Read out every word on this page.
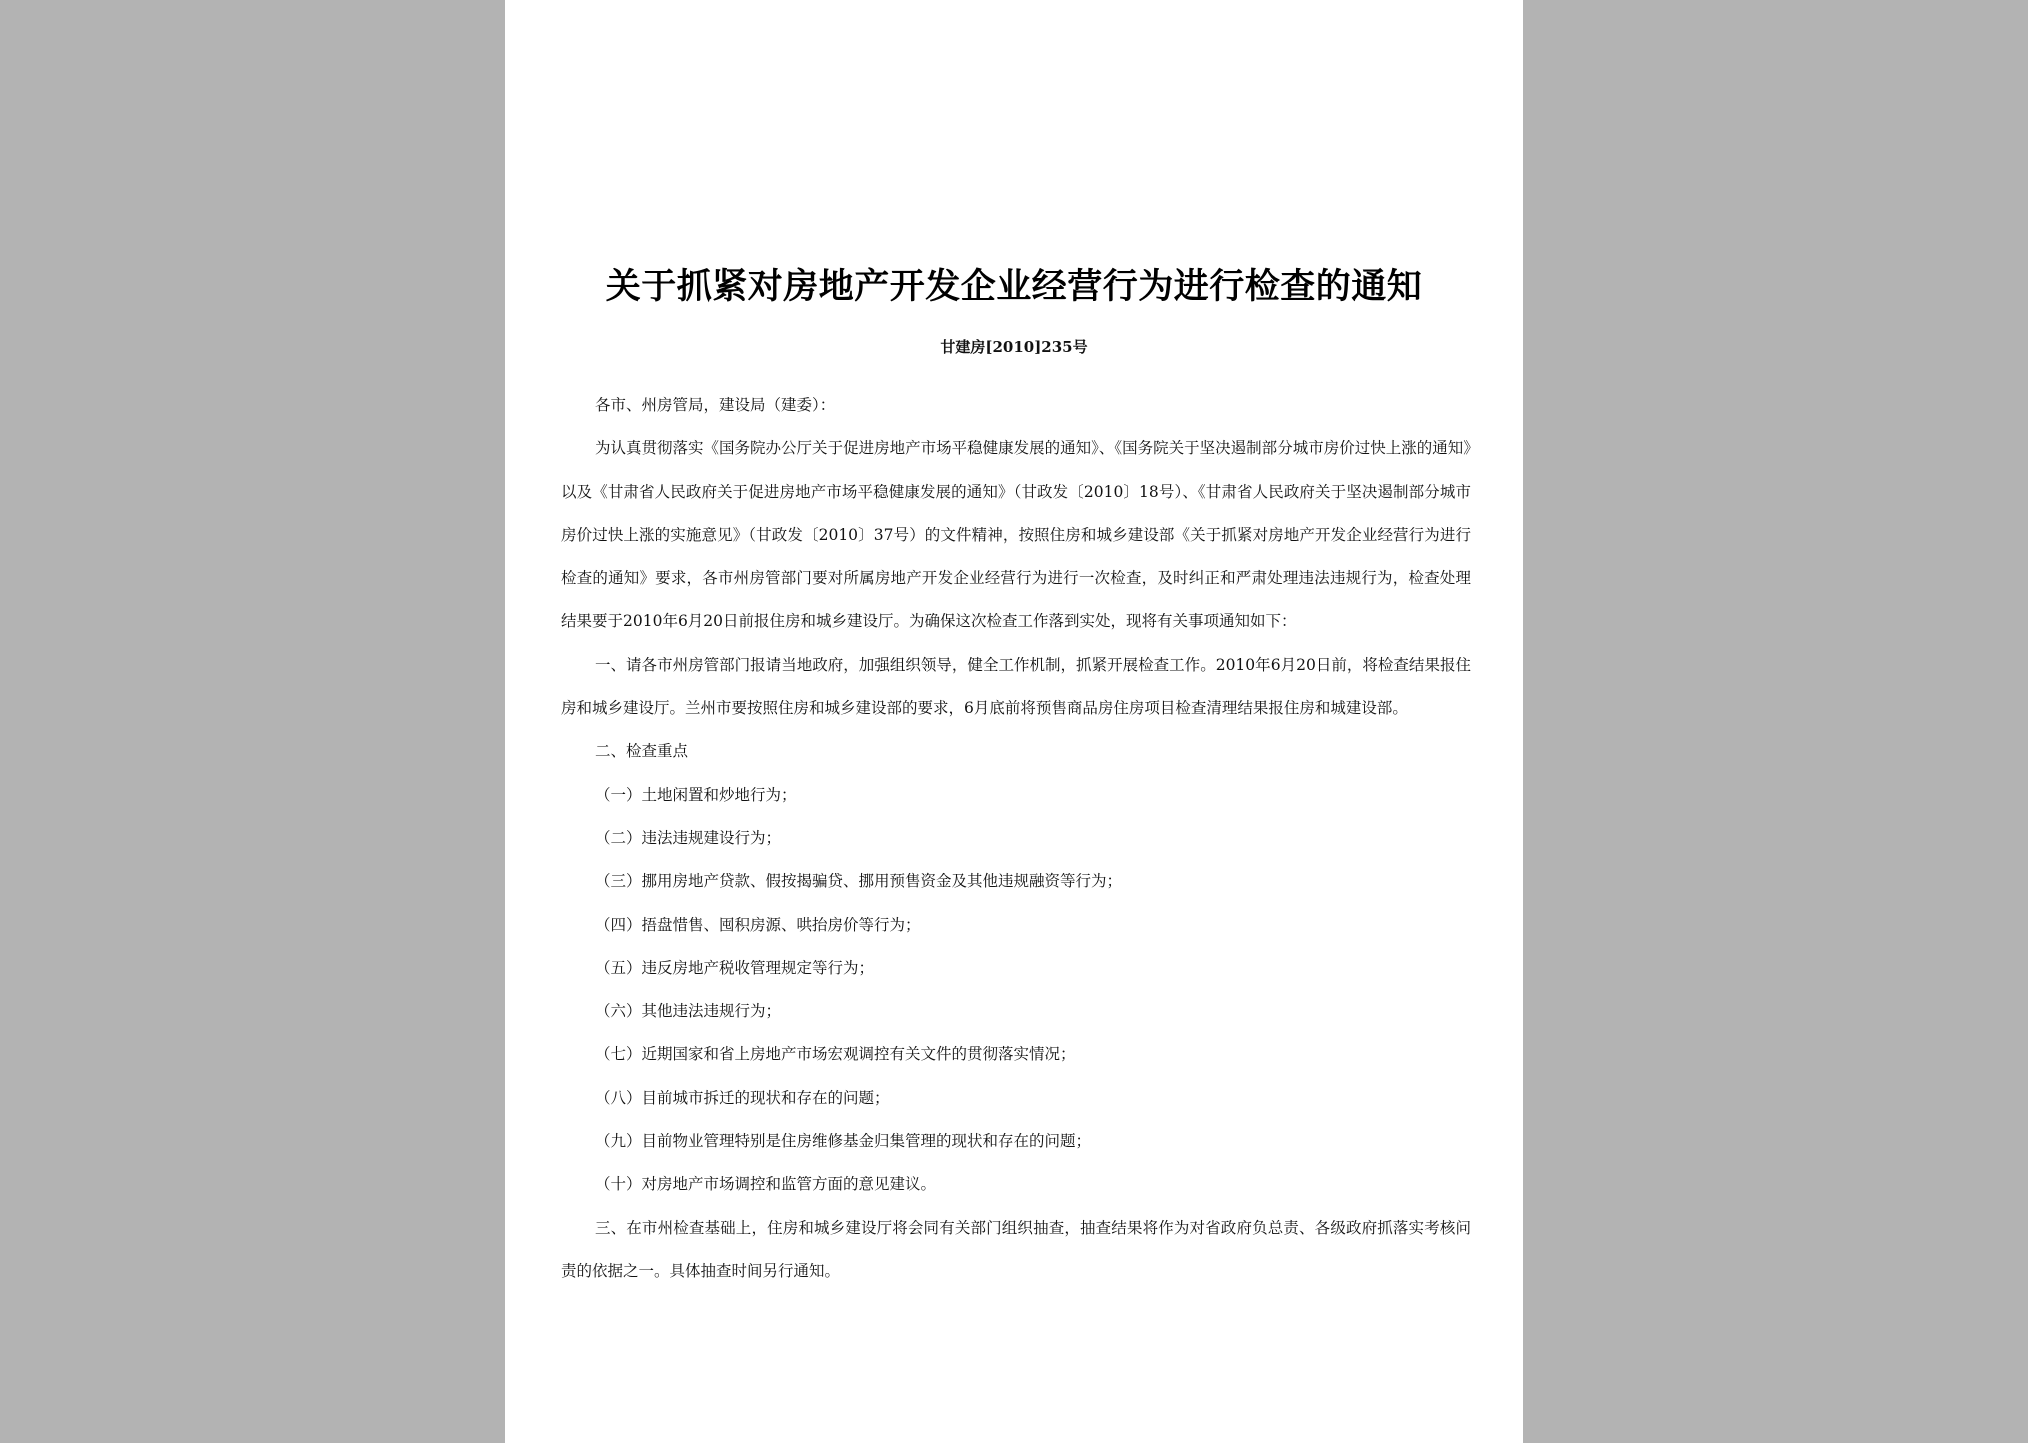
关于抓紧对房地产开发企业经营行为进行检查的通知
甘建房[2010]235号

各市、州房管局，建设局（建委）：

为认真贯彻落实《国务院办公厅关于促进房地产市场平稳健康发展的通知》、《国务院关于坚决遏制部分城市房价过快上涨的通知》以及《甘肃省人民政府关于促进房地产市场平稳健康发展的通知》（甘政发〔2010〕18号）、《甘肃省人民政府关于坚决遏制部分城市房价过快上涨的实施意见》（甘政发〔2010〕37号）的文件精神，按照住房和城乡建设部《关于抓紧对房地产开发企业经营行为进行检查的通知》要求，各市州房管部门要对所属房地产开发企业经营行为进行一次检查，及时纠正和严肃处理违法违规行为，检查处理结果要于2010年6月20日前报住房和城乡建设厅。为确保这次检查工作落到实处，现将有关事项通知如下：

一、请各市州房管部门报请当地政府，加强组织领导，健全工作机制，抓紧开展检查工作。2010年6月20日前，将检查结果报住房和城乡建设厅。兰州市要按照住房和城乡建设部的要求，6月底前将预售商品房住房项目检查清理结果报住房和城建设部。

二、检查重点

（一）土地闲置和炒地行为；

（二）违法违规建设行为；

（三）挪用房地产贷款、假按揭骗贷、挪用预售资金及其他违规融资等行为；

（四）捂盘惜售、囤积房源、哄抬房价等行为；

（五）违反房地产税收管理规定等行为；

（六）其他违法违规行为；

（七）近期国家和省上房地产市场宏观调控有关文件的贯彻落实情况；

（八）目前城市拆迁的现状和存在的问题；

（九）目前物业管理特别是住房维修基金归集管理的现状和存在的问题；

（十）对房地产市场调控和监管方面的意见建议。

三、在市州检查基础上，住房和城乡建设厅将会同有关部门组织抽查，抽查结果将作为对省政府负总责、各级政府抓落实考核问责的依据之一。具体抽查时间另行通知。
